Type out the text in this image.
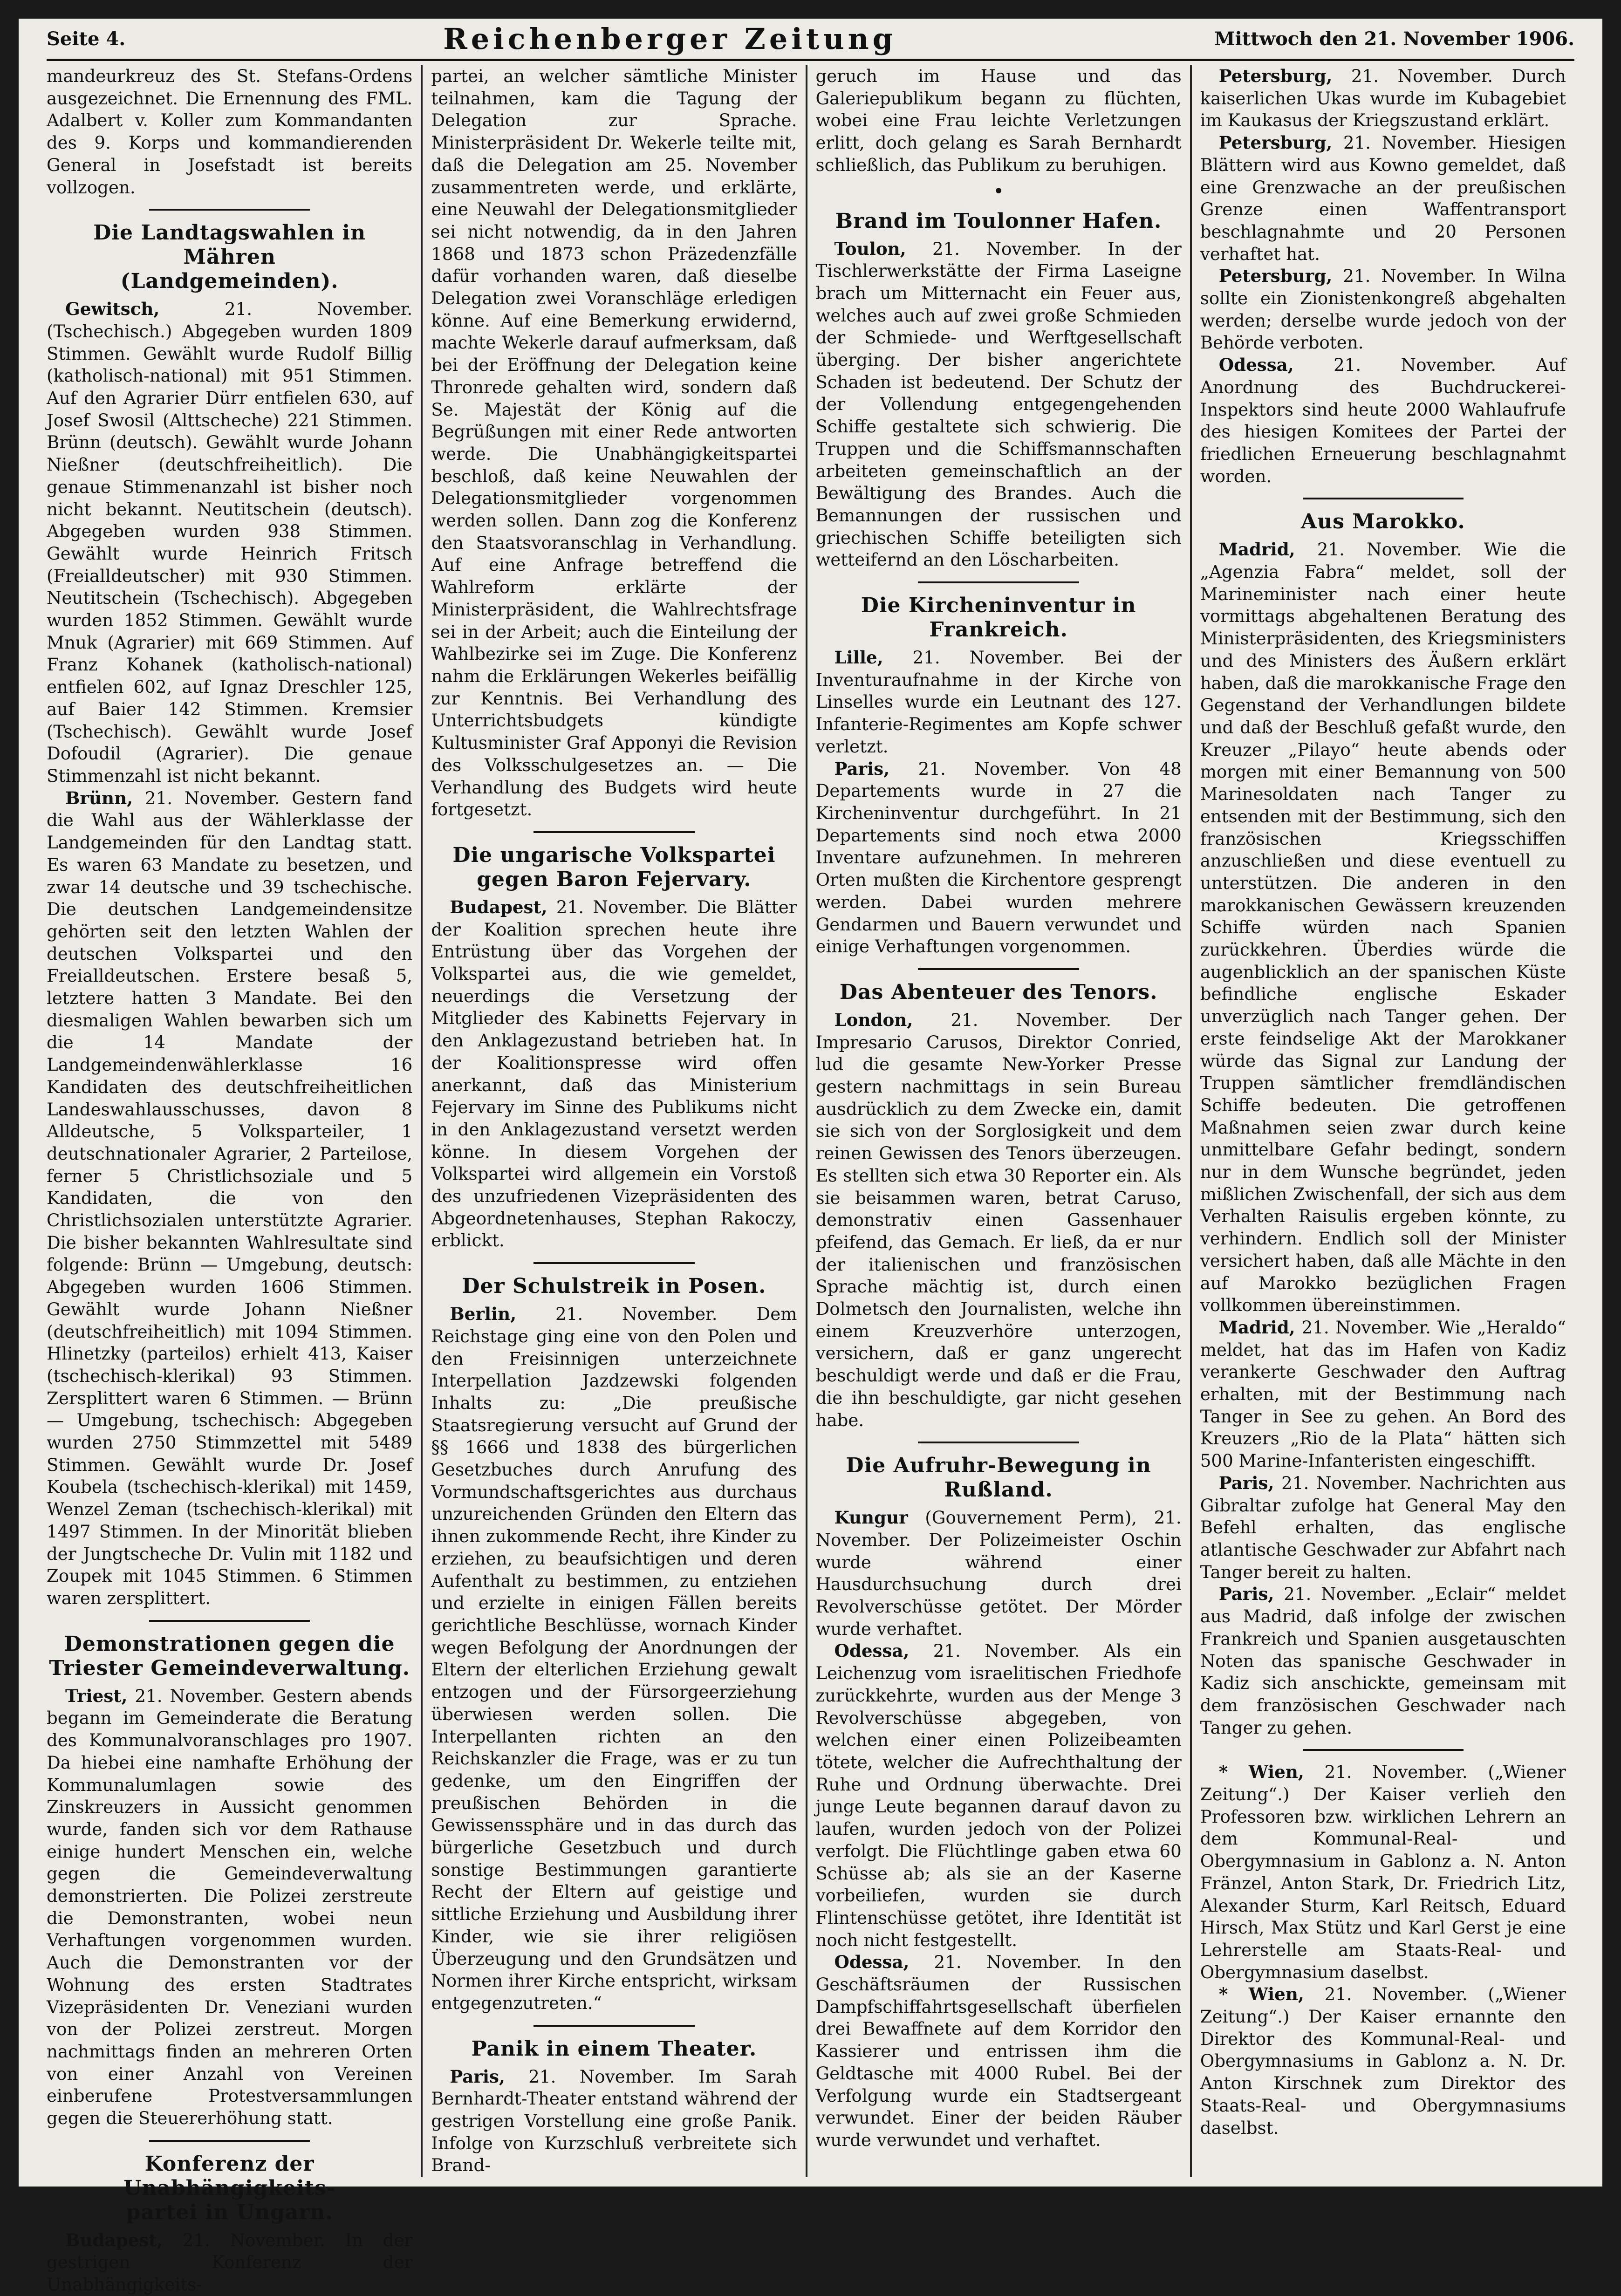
Seite 4.	Reichenberger Zeitung	Mittwoch den 21. November 1906.

mandeurkreuz des St. Stefans-Ordens ausgezeichnet. Die Ernennung des FML. Adalbert v. Koller zum Kommandanten des 9. Korps und kommandierenden General in Josefstadt ist bereits vollzogen.

Die Landtagswahlen in Mähren
(Landgemeinden).

Gewitsch,	21. November. (Tschechisch.) Abgegeben wurden 1809 Stimmen. Gewählt wurde Rudolf Billig (katholisch-national) mit 951 Stimmen. Auf den Agrarier Dürr entfielen 630, auf Josef Swosil (Alttscheche) 221 Stimmen. Brünn (deutsch). Gewählt wurde Johann Nießner (deutschfreiheitlich). Die genaue Stimmenanzahl ist bisher noch nicht bekannt. Neutitschein (deutsch). Abgegeben wurden 938 Stimmen. Gewählt wurde Heinrich Fritsch (Freialldeutscher) mit 930 Stimmen. Neutitschein (Tschechisch). Abgegeben wurden 1852 Stimmen. Gewählt wurde Mnuk (Agrarier) mit 669 Stimmen. Auf Franz Kohanek (katholisch-national) entfielen 602, auf Ignaz Dreschler 125, auf Baier 142 Stimmen. Kremsier (Tschechisch). Gewählt wurde Josef Dofoudil (Agrarier). Die genaue Stimmenzahl ist nicht bekannt.

Brünn, 21. November. Gestern fand die Wahl aus der Wählerklasse der Landgemeinden für den Landtag statt. Es waren 63 Mandate zu besetzen, und zwar 14 deutsche und 39 tschechische. Die deutschen Landgemeindensitze gehörten seit den letzten Wahlen der deutschen Volkspartei und den Freialldeutschen. Erstere besaß 5, letztere hatten 3 Mandate. Bei den diesmaligen Wahlen bewarben sich um die 14 Mandate der Landgemeindenwählerklasse 16 Kandidaten des deutschfreiheitlichen Landeswahlausschusses, davon 8 Alldeutsche, 5 Volksparteiler, 1 deutschnationaler Agrarier, 2 Parteilose, ferner 5 Christlichsoziale und 5 Kandidaten, die von den Christlichsozialen unterstützte Agrarier. Die bisher bekannten Wahlresultate sind folgende: Brünn — Umgebung, deutsch: Abgegeben wurden 1606 Stimmen. Gewählt wurde Johann Nießner (deutschfreiheitlich) mit 1094 Stimmen. Hlinetzky (parteilos) erhielt 413, Kaiser (tschechisch-klerikal) 93 Stimmen. Zersplittert waren 6 Stimmen. — Brünn — Umgebung, tschechisch: Abgegeben wurden 2750 Stimmzettel mit 5489 Stimmen. Gewählt wurde Dr. Josef Koubela (tschechisch-klerikal) mit 1459, Wenzel Zeman (tschechisch-klerikal) mit 1497 Stimmen. In der Minorität blieben der Jungtscheche Dr. Vulin mit 1182 und Zoupek mit 1045 Stimmen. 6 Stimmen waren zersplittert.

Demonstrationen gegen die
Triester Gemeindeverwaltung.

Triest, 21. November. Gestern abends begann im Gemeinderate die Beratung des Kommunalvoranschlages pro 1907. Da hiebei eine namhafte Erhöhung der Kommunalumlagen sowie des Zinskreuzers in Aussicht genommen wurde, fanden sich vor dem Rathause einige hundert Menschen ein, welche gegen die Gemeindeverwaltung demonstrierten. Die Polizei zerstreute die Demonstranten, wobei neun Verhaftungen vorgenommen wurden. Auch die Demonstranten vor der Wohnung des ersten Stadtrates Vizepräsidenten Dr. Veneziani wurden von der Polizei zerstreut. Morgen nachmittags finden an mehreren Orten von einer Anzahl von Vereinen einberufene Protestversammlungen gegen die Steuererhöhung statt.

Konferenz der Unabhängigkeits-
partei in Ungarn.

Budapest, 21. November. In der gestrigen Konferenz der Unabhängigkeits-

partei, an welcher sämtliche Minister teilnahmen, kam die Tagung der Delegation zur Sprache. Ministerpräsident Dr. Wekerle teilte mit, daß die Delegation am 25. November zusammentreten werde, und erklärte, eine Neuwahl der Delegationsmitglieder sei nicht notwendig, da in den Jahren 1868 und 1873 schon Präzedenzfälle dafür vorhanden waren, daß dieselbe Delegation zwei Voranschläge erledigen könne. Auf eine Bemerkung erwidernd, machte Wekerle darauf aufmerksam, daß bei der Eröffnung der Delegation keine Thronrede gehalten wird, sondern daß Se. Majestät der König auf die Begrüßungen mit einer Rede antworten werde. Die Unabhängigkeitspartei beschloß, daß keine Neuwahlen der Delegationsmitglieder vorgenommen werden sollen. Dann zog die Konferenz den Staatsvoranschlag in Verhandlung. Auf eine Anfrage betreffend die Wahlreform erklärte der Ministerpräsident, die Wahlrechtsfrage sei in der Arbeit; auch die Einteilung der Wahlbezirke sei im Zuge. Die Konferenz nahm die Erklärungen Wekerles beifällig zur Kenntnis. Bei Verhandlung des Unterrichtsbudgets kündigte Kultusminister Graf Apponyi die Revision des Volksschulgesetzes an. — Die Verhandlung des Budgets wird heute fortgesetzt.

Die ungarische Volkspartei
gegen Baron Fejervary.

Budapest, 21. November. Die Blätter der Koalition sprechen heute ihre Entrüstung über das Vorgehen der Volkspartei aus, die wie gemeldet, neuerdings die Versetzung der Mitglieder des Kabinetts Fejervary in den Anklagezustand betrieben hat. In der Koalitionspresse wird offen anerkannt, daß das Ministerium Fejervary im Sinne des Publikums nicht in den Anklagezustand versetzt werden könne. In diesem Vorgehen der Volkspartei wird allgemein ein Vorstoß des unzufriedenen Vizepräsidenten des Abgeordnetenhauses, Stephan Rakoczy, erblickt.

Der Schulstreik in Posen.

Berlin, 21. November. Dem Reichstage ging eine von den Polen und den Freisinnigen unterzeichnete Interpellation Jazdzewski folgenden Inhalts zu: „Die preußische Staatsregierung versucht auf Grund der §§ 1666 und 1838 des bürgerlichen Gesetzbuches durch Anrufung des Vormundschaftsgerichtes aus durchaus unzureichenden Gründen den Eltern das ihnen zukommende Recht, ihre Kinder zu erziehen, zu beaufsichtigen und deren Aufenthalt zu bestimmen, zu entziehen und erzielte in einigen Fällen bereits gerichtliche Beschlüsse, wornach Kinder wegen Befolgung der Anordnungen der Eltern der elterlichen Erziehung gewalt entzogen und der Fürsorgeerziehung überwiesen werden sollen. Die Interpellanten richten an den Reichskanzler die Frage, was er zu tun gedenke, um den Eingriffen der preußischen Behörden in die Gewissenssphäre und in das durch das bürgerliche Gesetzbuch und durch sonstige Bestimmungen garantierte Recht der Eltern auf geistige und sittliche Erziehung und Ausbildung ihrer Kinder, wie sie ihrer religiösen Überzeugung und den Grundsätzen und Normen ihrer Kirche entspricht, wirksam entgegenzutreten.“

Panik in einem Theater.

Paris, 21. November. Im Sarah Bernhardt-Theater entstand während der gestrigen Vorstellung eine große Panik. Infolge von Kurzschluß verbreitete sich Brand-

geruch im Hause und das Galeriepublikum begann zu flüchten, wobei eine Frau leichte Verletzungen erlitt, doch gelang es Sarah Bernhardt schließlich, das Publikum zu beruhigen.

•
Brand im Toulonner Hafen.

Toulon, 21. November. In der Tischlerwerkstätte der Firma Laseigne brach um Mitternacht ein Feuer aus, welches auch auf zwei große Schmieden der Schmiede- und Werftgesellschaft überging. Der bisher angerichtete Schaden ist bedeutend. Der Schutz der der Vollendung entgegengehenden Schiffe gestaltete sich schwierig. Die Truppen und die Schiffsmannschaften arbeiteten gemeinschaftlich an der Bewältigung des Brandes. Auch die Bemannungen der russischen und griechischen Schiffe beteiligten sich wetteifernd an den Löscharbeiten.

Die Kircheninventur in Frankreich.

Lille, 21. November. Bei der Inventuraufnahme in der Kirche von Linselles wurde ein Leutnant des 127. Infanterie-Regimentes am Kopfe schwer verletzt.

Paris, 21. November. Von 48 Departements wurde in 27 die Kircheninventur durchgeführt. In 21 Departements sind noch etwa 2000 Inventare aufzunehmen. In mehreren Orten mußten die Kirchentore gesprengt werden. Dabei wurden mehrere Gendarmen und Bauern verwundet und einige Verhaftungen vorgenommen.

Das Abenteuer des Tenors.

London, 21. November. Der Impresario Carusos, Direktor Conried, lud die gesamte New-Yorker Presse gestern nachmittags in sein Bureau ausdrücklich zu dem Zwecke ein, damit sie sich von der Sorglosigkeit und dem reinen Gewissen des Tenors überzeugen. Es stellten sich etwa 30 Reporter ein. Als sie beisammen waren, betrat Caruso, demonstrativ einen Gassenhauer pfeifend, das Gemach. Er ließ, da er nur der italienischen und französischen Sprache mächtig ist, durch einen Dolmetsch den Journalisten, welche ihn einem Kreuzverhöre unterzogen, versichern, daß er ganz ungerecht beschuldigt werde und daß er die Frau, die ihn beschuldigte, gar nicht gesehen habe.

Die Aufruhr-Bewegung in Rußland.

Kungur (Gouvernement Perm), 21. November. Der Polizeimeister Oschin wurde während einer Hausdurchsuchung durch drei Revolverschüsse getötet. Der Mörder wurde verhaftet.

Odessa, 21. November. Als ein Leichenzug vom israelitischen Friedhofe zurückkehrte, wurden aus der Menge 3 Revolverschüsse abgegeben, von welchen einer einen Polizeibeamten tötete, welcher die Aufrechthaltung der Ruhe und Ordnung überwachte. Drei junge Leute begannen darauf davon zu laufen, wurden jedoch von der Polizei verfolgt. Die Flüchtlinge gaben etwa 60 Schüsse ab; als sie an der Kaserne vorbeiliefen, wurden sie durch Flintenschüsse getötet, ihre Identität ist noch nicht festgestellt.

Odessa, 21. November. In den Geschäftsräumen der Russischen Dampfschiffahrtsgesellschaft überfielen drei Bewaffnete auf dem Korridor den Kassierer und entrissen ihm die Geldtasche mit 4000 Rubel. Bei der Verfolgung wurde ein Stadtsergeant verwundet. Einer der beiden Räuber wurde verwundet und verhaftet.

Petersburg, 21. November. Durch kaiserlichen Ukas wurde im Kubagebiet im Kaukasus der Kriegszustand erklärt.

Petersburg, 21. November. Hiesigen Blättern wird aus Kowno gemeldet, daß eine Grenzwache an der preußischen Grenze einen Waffentransport beschlagnahmte und 20 Personen verhaftet hat.

Petersburg, 21. November. In Wilna sollte ein Zionistenkongreß abgehalten werden; derselbe wurde jedoch von der Behörde verboten.

Odessa, 21. November. Auf Anordnung des Buchdruckerei-Inspektors sind heute 2000 Wahlaufrufe des hiesigen Komitees der Partei der friedlichen Erneuerung beschlagnahmt worden.

Aus Marokko.

Madrid, 21. November. Wie die „Agenzia Fabra“ meldet, soll der Marineminister nach einer heute vormittags abgehaltenen Beratung des Ministerpräsidenten, des Kriegsministers und des Ministers des Äußern erklärt haben, daß die marokkanische Frage den Gegenstand der Verhandlungen bildete und daß der Beschluß gefaßt wurde, den Kreuzer „Pilayo“ heute abends oder morgen mit einer Bemannung von 500 Marinesoldaten nach Tanger zu entsenden mit der Bestimmung, sich den französischen Kriegsschiffen anzuschließen und diese eventuell zu unterstützen. Die anderen in den marokkanischen Gewässern kreuzenden Schiffe würden nach Spanien zurückkehren. Überdies würde die augenblicklich an der spanischen Küste befindliche englische Eskader unverzüglich nach Tanger gehen. Der erste feindselige Akt der Marokkaner würde das Signal zur Landung der Truppen sämtlicher fremdländischen Schiffe bedeuten. Die getroffenen Maßnahmen seien zwar durch keine unmittelbare Gefahr bedingt, sondern nur in dem Wunsche begründet, jeden mißlichen Zwischenfall, der sich aus dem Verhalten Raisulis ergeben könnte, zu verhindern. Endlich soll der Minister versichert haben, daß alle Mächte in den auf Marokko bezüglichen Fragen vollkommen übereinstimmen.

Madrid, 21. November. Wie „Heraldo“ meldet, hat das im Hafen von Kadiz verankerte Geschwader den Auftrag erhalten, mit der Bestimmung nach Tanger in See zu gehen. An Bord des Kreuzers „Rio de la Plata“ hätten sich 500 Marine-Infanteristen eingeschifft.

Paris, 21. November. Nachrichten aus Gibraltar zufolge hat General May den Befehl erhalten, das englische atlantische Geschwader zur Abfahrt nach Tanger bereit zu halten.

Paris, 21. November. „Eclair“ meldet aus Madrid, daß infolge der zwischen Frankreich und Spanien ausgetauschten Noten das spanische Geschwader in Kadiz sich anschickte, gemeinsam mit dem französischen Geschwader nach Tanger zu gehen.

* Wien, 21. November. („Wiener Zeitung“.) Der Kaiser verlieh den Professoren bzw. wirklichen Lehrern an dem Kommunal-Real- und Obergymnasium in Gablonz a. N. Anton Fränzel, Anton Stark, Dr. Friedrich Litz, Alexander Sturm, Karl Reitsch, Eduard Hirsch, Max Stütz und Karl Gerst je eine Lehrerstelle am Staats-Real- und Obergymnasium daselbst.

* Wien, 21. November. („Wiener Zeitung“.) Der Kaiser ernannte den Direktor des Kommunal-Real- und Obergymnasiums in Gablonz a. N. Dr. Anton Kirschnek zum Direktor des Staats-Real- und Obergymnasiums daselbst.
